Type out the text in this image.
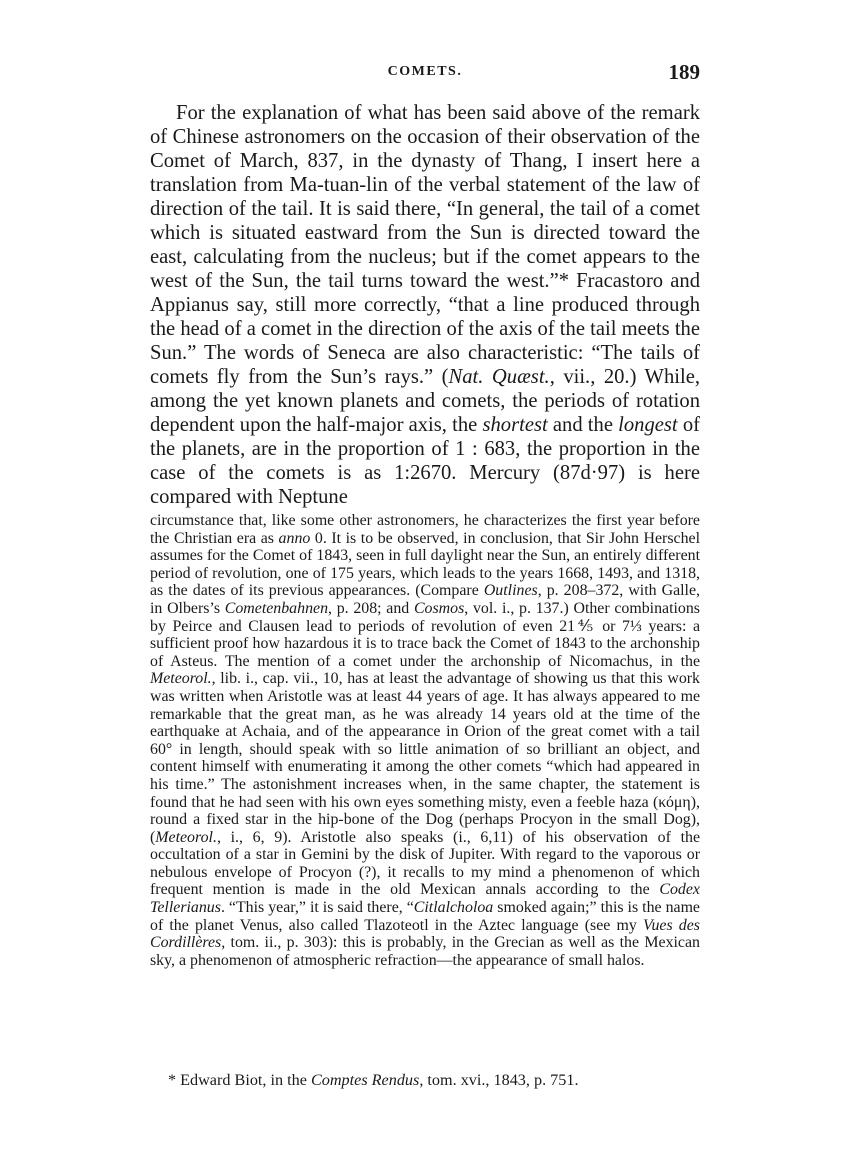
COMETS.	189

For the explanation of what has been said above of the remark of Chinese astronomers on the occasion of their observation of the Comet of March, 837, in the dynasty of Thang, I insert here a translation from Ma-tuan-lin of the verbal statement of the law of direction of the tail. It is said there, “In general, the tail of a comet which is situated eastward from the Sun is directed toward the east, calculating from the nucleus; but if the comet appears to the west of the Sun, the tail turns toward the west.”* Fracastoro and Appianus say, still more correctly, “that a line produced through the head of a comet in the direction of the axis of the tail meets the Sun.” The words of Seneca are also characteristic: “The tails of comets fly from the Sun’s rays.” (Nat. Quæst., vii., 20.) While, among the yet known planets and comets, the periods of rotation dependent upon the half-major axis, the shortest and the longest of the planets, are in the proportion of 1 : 683, the proportion in the case of the comets is as 1:2670. Mercury (87d·97) is here compared with Neptune

circumstance that, like some other astronomers, he characterizes the first year before the Christian era as anno 0. It is to be observed, in conclusion, that Sir John Herschel assumes for the Comet of 1843, seen in full daylight near the Sun, an entirely different period of revolution, one of 175 years, which leads to the years 1668, 1493, and 1318, as the dates of its previous appearances. (Compare Outlines, p. 208–372, with Galle, in Olbers’s Cometenbahnen, p. 208; and Cosmos, vol. i., p. 137.) Other combinations by Peirce and Clausen lead to periods of revolution of even 21⅘ or 7⅓ years: a sufficient proof how hazardous it is to trace back the Comet of 1843 to the archonship of Asteus. The mention of a comet under the archonship of Nicomachus, in the Meteorol., lib. i., cap. vii., 10, has at least the advantage of showing us that this work was written when Aristotle was at least 44 years of age. It has always appeared to me remarkable that the great man, as he was already 14 years old at the time of the earthquake at Achaia, and of the appearance in Orion of the great comet with a tail 60° in length, should speak with so little animation of so brilliant an object, and content himself with enumerating it among the other comets “which had appeared in his time.” The astonishment increases when, in the same chapter, the statement is found that he had seen with his own eyes something misty, even a feeble haza (κόμη), round a fixed star in the hip-bone of the Dog (perhaps Procyon in the small Dog), (Meteorol., i., 6, 9). Aristotle also speaks (i., 6,11) of his observation of the occultation of a star in Gemini by the disk of Jupiter. With regard to the vaporous or nebulous envelope of Procyon (?), it recalls to my mind a phenomenon of which frequent mention is made in the old Mexican annals according to the Codex Tellerianus. “This year,” it is said there, “Citlalcholoa smoked again;” this is the name of the planet Venus, also called Tlazoteotl in the Aztec language (see my Vues des Cordillères, tom. ii., p. 303): this is probably, in the Grecian as well as the Mexican sky, a phenomenon of atmospheric refraction—the appearance of small halos.

* Edward Biot, in the Comptes Rendus, tom. xvi., 1843, p. 751.
